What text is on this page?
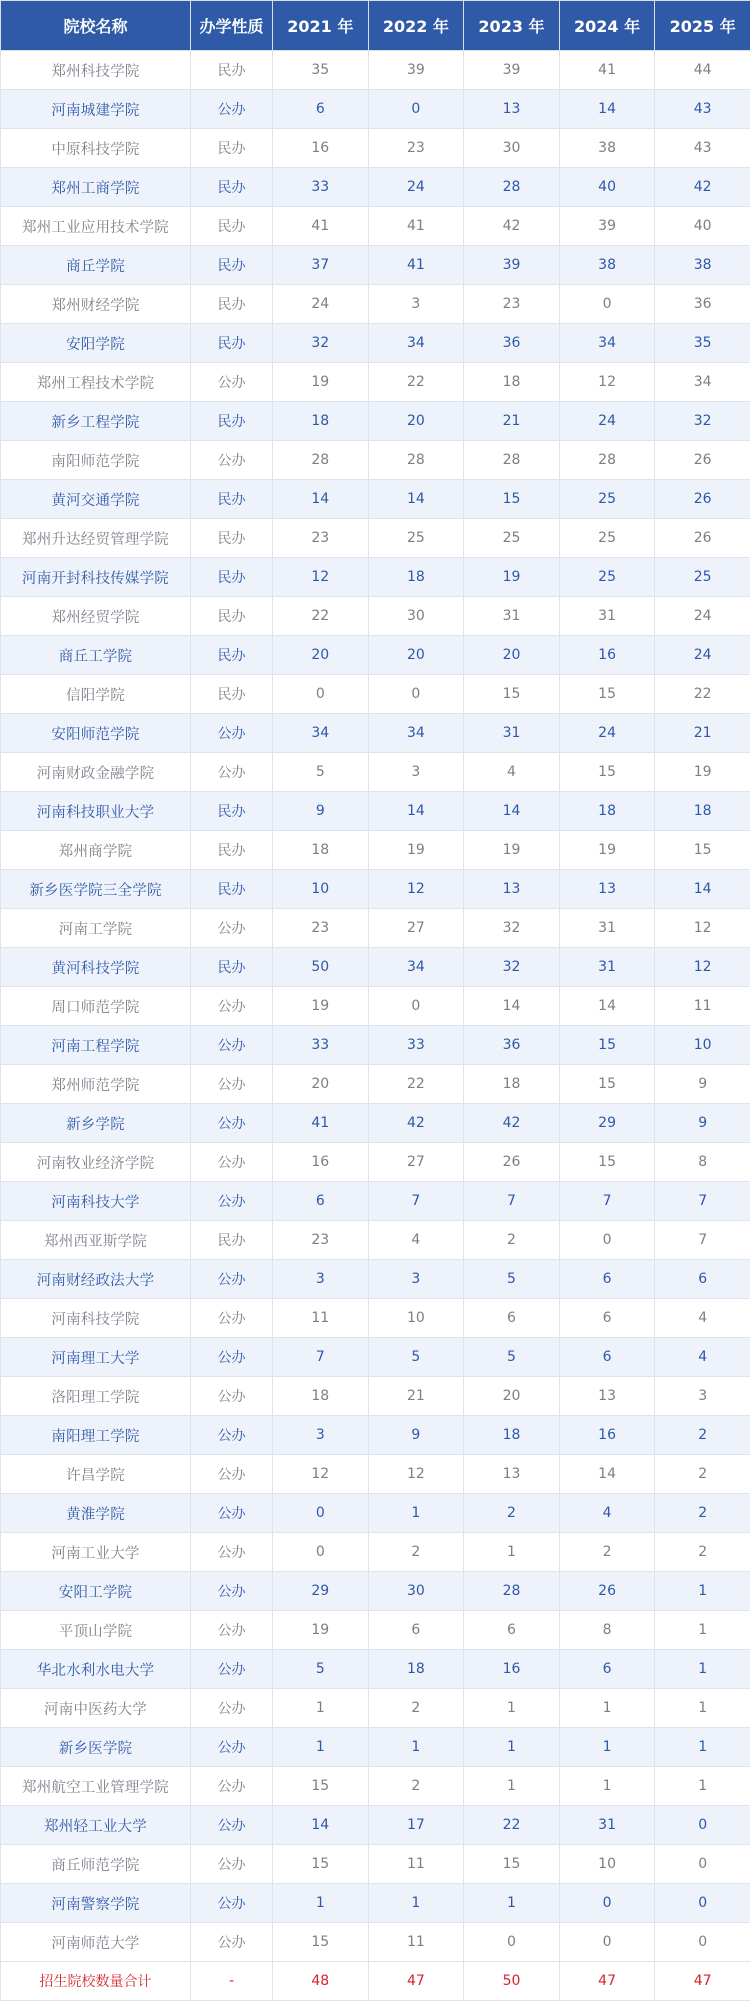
院校名称	办学性质	2021 年	2022 年	2023 年	2024 年	2025 年
郑州科技学院	民办	35	39	39	41	44
河南城建学院	公办	6	0	13	14	43
中原科技学院	民办	16	23	30	38	43
郑州工商学院	民办	33	24	28	40	42
郑州工业应用技术学院	民办	41	41	42	39	40
商丘学院	民办	37	41	39	38	38
郑州财经学院	民办	24	3	23	0	36
安阳学院	民办	32	34	36	34	35
郑州工程技术学院	公办	19	22	18	12	34
新乡工程学院	民办	18	20	21	24	32
南阳师范学院	公办	28	28	28	28	26
黄河交通学院	民办	14	14	15	25	26
郑州升达经贸管理学院	民办	23	25	25	25	26
河南开封科技传媒学院	民办	12	18	19	25	25
郑州经贸学院	民办	22	30	31	31	24
商丘工学院	民办	20	20	20	16	24
信阳学院	民办	0	0	15	15	22
安阳师范学院	公办	34	34	31	24	21
河南财政金融学院	公办	5	3	4	15	19
河南科技职业大学	民办	9	14	14	18	18
郑州商学院	民办	18	19	19	19	15
新乡医学院三全学院	民办	10	12	13	13	14
河南工学院	公办	23	27	32	31	12
黄河科技学院	民办	50	34	32	31	12
周口师范学院	公办	19	0	14	14	11
河南工程学院	公办	33	33	36	15	10
郑州师范学院	公办	20	22	18	15	9
新乡学院	公办	41	42	42	29	9
河南牧业经济学院	公办	16	27	26	15	8
河南科技大学	公办	6	7	7	7	7
郑州西亚斯学院	民办	23	4	2	0	7
河南财经政法大学	公办	3	3	5	6	6
河南科技学院	公办	11	10	6	6	4
河南理工大学	公办	7	5	5	6	4
洛阳理工学院	公办	18	21	20	13	3
南阳理工学院	公办	3	9	18	16	2
许昌学院	公办	12	12	13	14	2
黄淮学院	公办	0	1	2	4	2
河南工业大学	公办	0	2	1	2	2
安阳工学院	公办	29	30	28	26	1
平顶山学院	公办	19	6	6	8	1
华北水利水电大学	公办	5	18	16	6	1
河南中医药大学	公办	1	2	1	1	1
新乡医学院	公办	1	1	1	1	1
郑州航空工业管理学院	公办	15	2	1	1	1
郑州轻工业大学	公办	14	17	22	31	0
商丘师范学院	公办	15	11	15	10	0
河南警察学院	公办	1	1	1	0	0
河南师范大学	公办	15	11	0	0	0
招生院校数量合计	-	48	47	50	47	47
